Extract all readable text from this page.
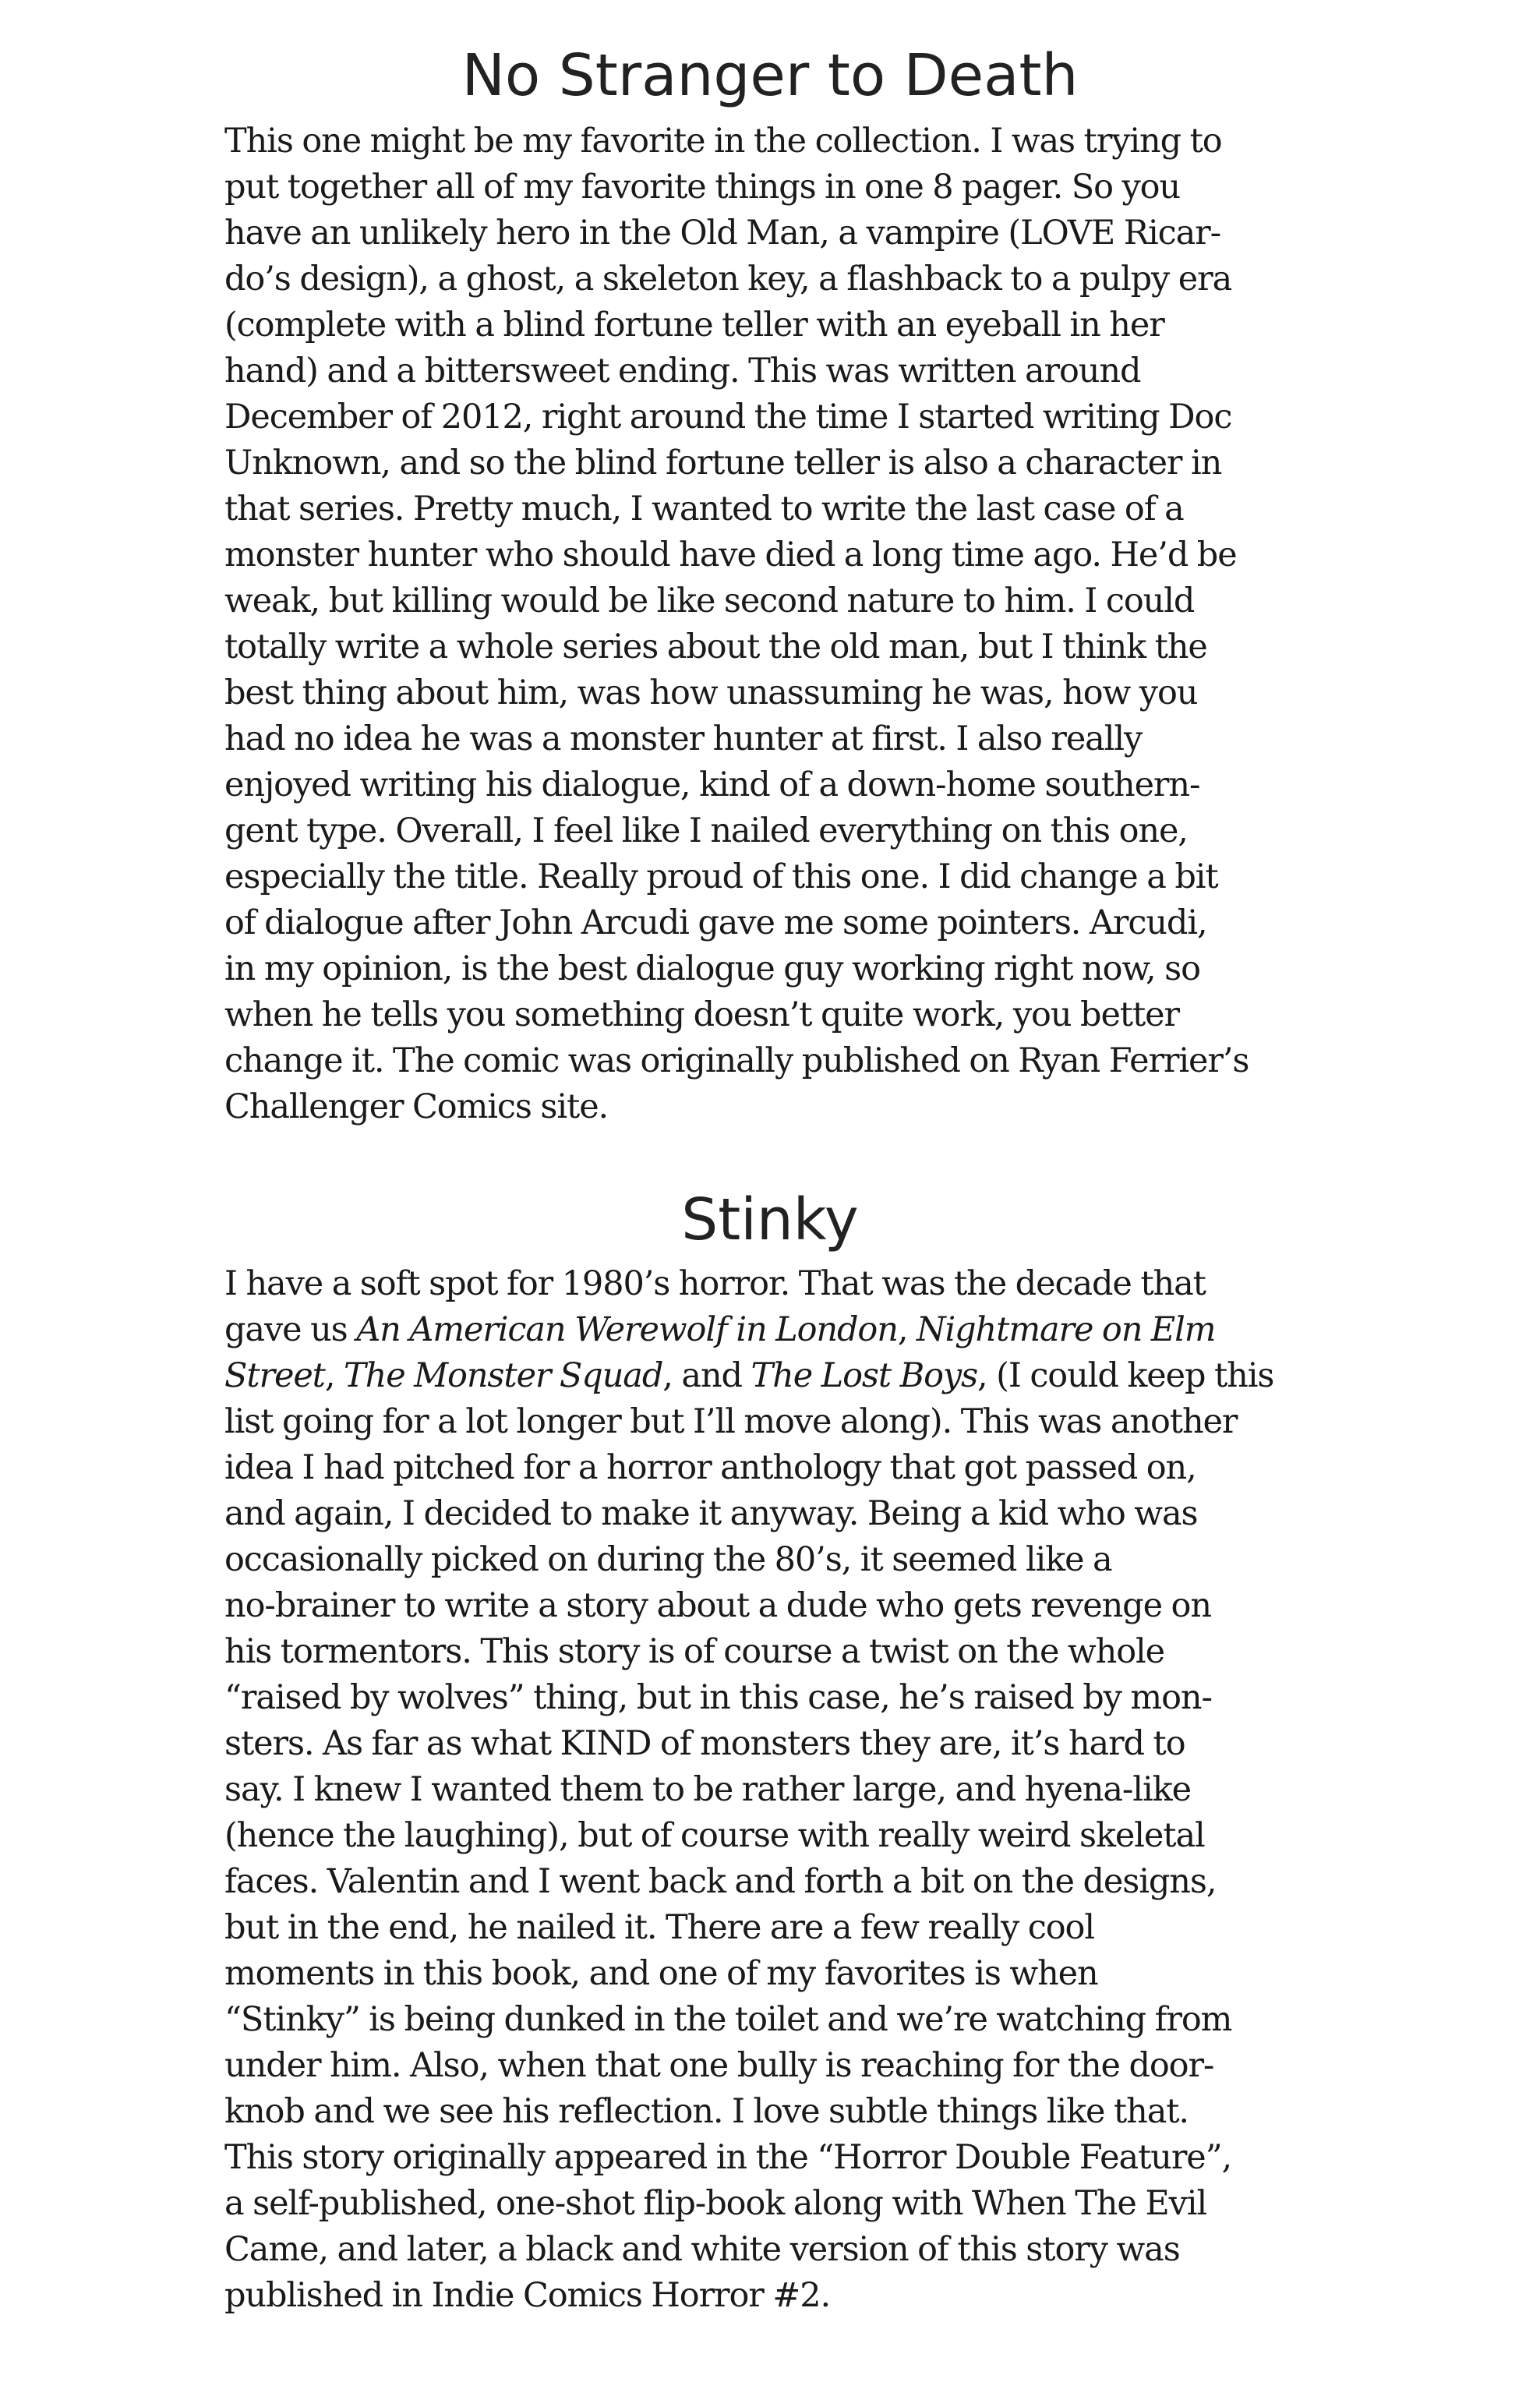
No Stranger to Death
This one might be my favorite in the collection. I was trying to
put together all of my favorite things in one 8 pager. So you
have an unlikely hero in the Old Man, a vampire (LOVE Ricar-
do’s design), a ghost, a skeleton key, a flashback to a pulpy era
(complete with a blind fortune teller with an eyeball in her
hand) and a bittersweet ending. This was written around
December of 2012, right around the time I started writing Doc
Unknown, and so the blind fortune teller is also a character in
that series. Pretty much, I wanted to write the last case of a
monster hunter who should have died a long time ago. He’d be
weak, but killing would be like second nature to him. I could
totally write a whole series about the old man, but I think the
best thing about him, was how unassuming he was, how you
had no idea he was a monster hunter at first. I also really
enjoyed writing his dialogue, kind of a down-home southern-
gent type. Overall, I feel like I nailed everything on this one,
especially the title. Really proud of this one. I did change a bit
of dialogue after John Arcudi gave me some pointers. Arcudi,
in my opinion, is the best dialogue guy working right now, so
when he tells you something doesn’t quite work, you better
change it. The comic was originally published on Ryan Ferrier’s
Challenger Comics site.
Stinky
I have a soft spot for 1980’s horror. That was the decade that
gave us An American Werewolf in London, Nightmare on Elm
Street, The Monster Squad, and The Lost Boys, (I could keep this
list going for a lot longer but I’ll move along). This was another
idea I had pitched for a horror anthology that got passed on,
and again, I decided to make it anyway. Being a kid who was
occasionally picked on during the 80’s, it seemed like a
no-brainer to write a story about a dude who gets revenge on
his tormentors. This story is of course a twist on the whole
“raised by wolves” thing, but in this case, he’s raised by mon-
sters. As far as what KIND of monsters they are, it’s hard to
say. I knew I wanted them to be rather large, and hyena-like
(hence the laughing), but of course with really weird skeletal
faces. Valentin and I went back and forth a bit on the designs,
but in the end, he nailed it. There are a few really cool
moments in this book, and one of my favorites is when
“Stinky” is being dunked in the toilet and we’re watching from
under him. Also, when that one bully is reaching for the door-
knob and we see his reflection. I love subtle things like that.
This story originally appeared in the “Horror Double Feature”,
a self-published, one-shot flip-book along with When The Evil
Came, and later, a black and white version of this story was
published in Indie Comics Horror #2.
